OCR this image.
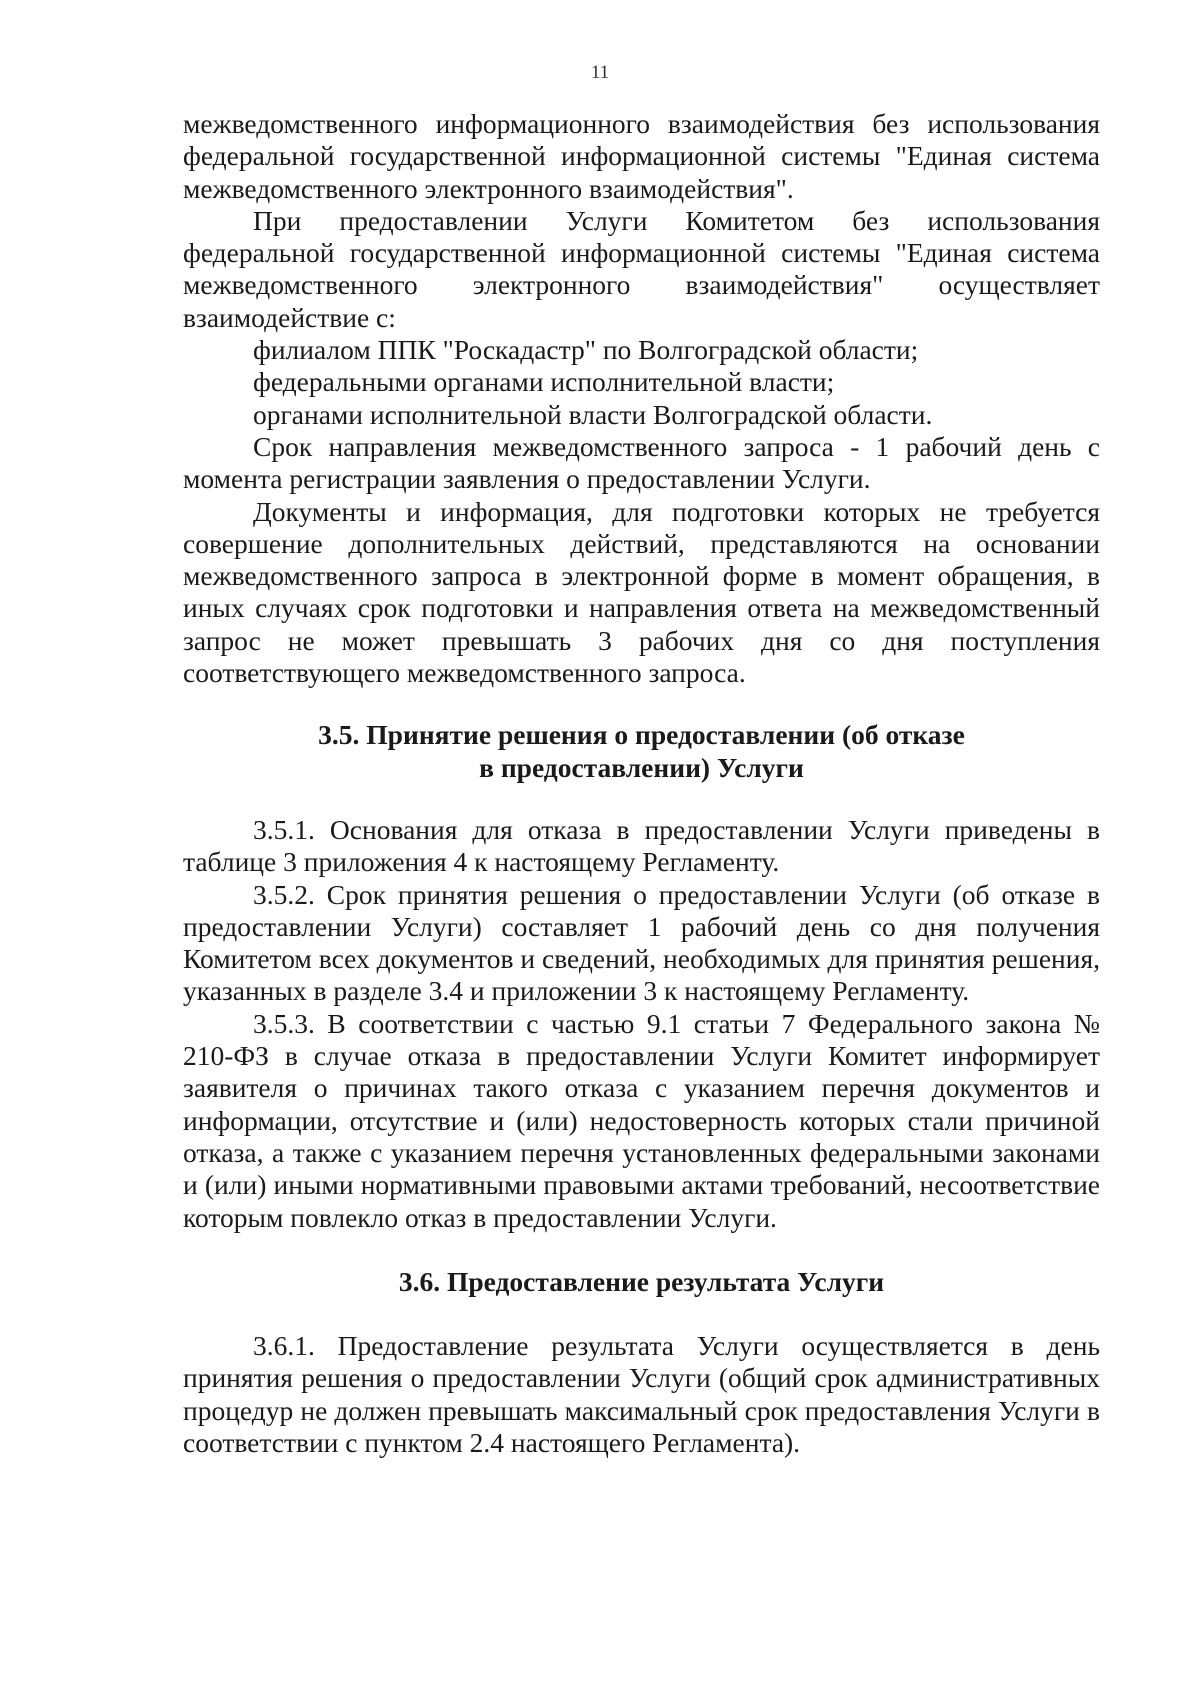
11

межведомственного информационного взаимодействия без использования федеральной государственной информационной системы "Единая система межведомственного электронного взаимодействия".

При предоставлении Услуги Комитетом без использования федеральной государственной информационной системы "Единая система межведомственного электронного взаимодействия" осуществляет взаимодействие с:

филиалом ППК "Роскадастр" по Волгоградской области;

федеральными органами исполнительной власти;

органами исполнительной власти Волгоградской области.

Срок направления межведомственного запроса - 1 рабочий день с момента регистрации заявления о предоставлении Услуги.

Документы и информация, для подготовки которых не требуется совершение дополнительных действий, представляются на основании межведомственного запроса в электронной форме в момент обращения, в иных случаях срок подготовки и направления ответа на межведомственный запрос не может превышать 3 рабочих дня со дня поступления соответствующего межведомственного запроса.

3.5. Принятие решения о предоставлении (об отказе
в предоставлении) Услуги

3.5.1. Основания для отказа в предоставлении Услуги приведены в таблице 3 приложения 4 к настоящему Регламенту.

3.5.2. Срок принятия решения о предоставлении Услуги (об отказе в предоставлении Услуги) составляет 1 рабочий день со дня получения Комитетом всех документов и сведений, необходимых для принятия решения, указанных в разделе 3.4 и приложении 3 к настоящему Регламенту.

3.5.3. В соответствии с частью 9.1 статьи 7 Федерального закона № 210-ФЗ в случае отказа в предоставлении Услуги Комитет информирует заявителя о причинах такого отказа с указанием перечня документов и информации, отсутствие и (или) недостоверность которых стали причиной отказа, а также с указанием перечня установленных федеральными законами и (или) иными нормативными правовыми актами требований, несоответствие которым повлекло отказ в предоставлении Услуги.

3.6. Предоставление результата Услуги

3.6.1. Предоставление результата Услуги осуществляется в день принятия решения о предоставлении Услуги (общий срок административных процедур не должен превышать максимальный срок предоставления Услуги в соответствии с пунктом 2.4 настоящего Регламента).
